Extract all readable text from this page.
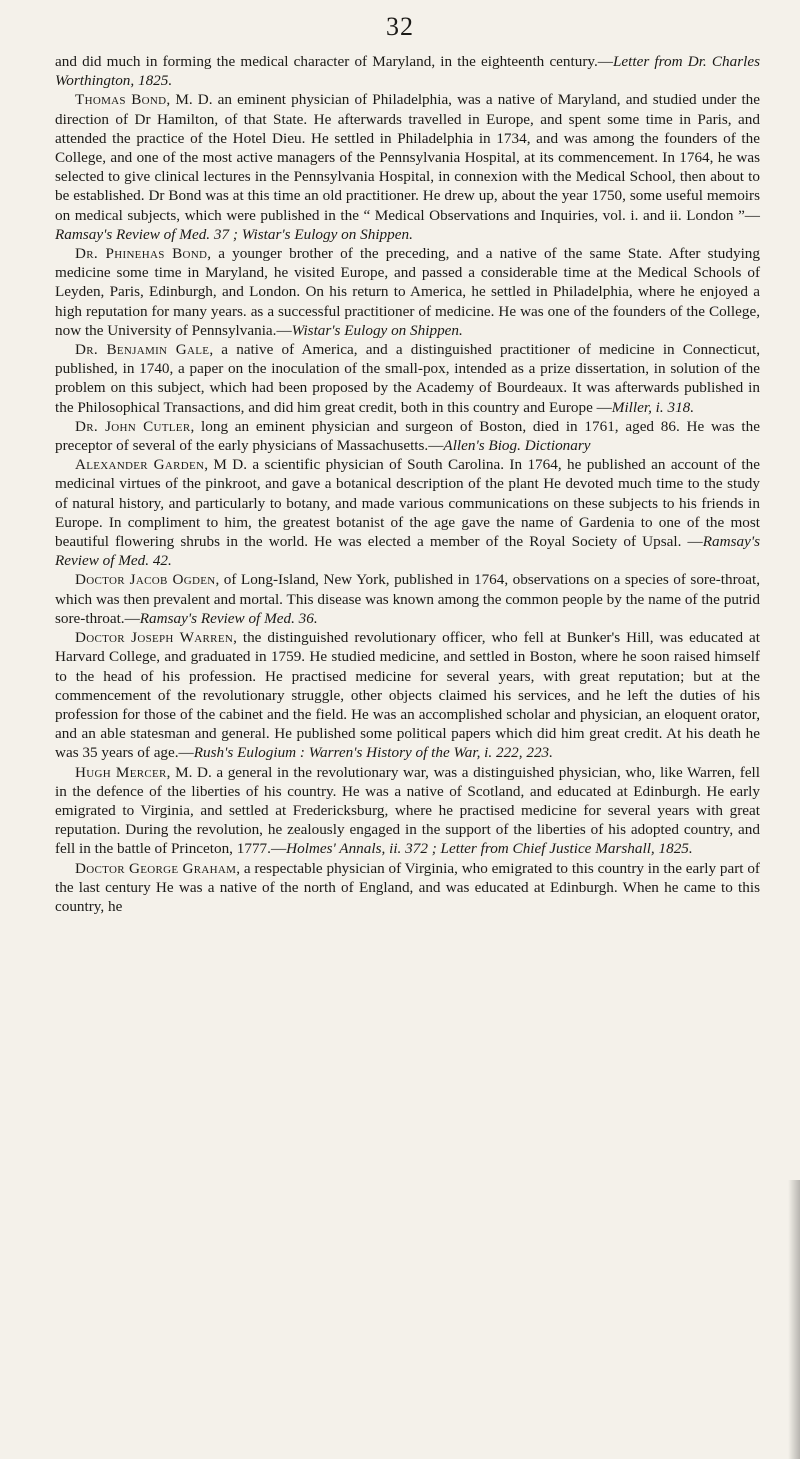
32

and did much in forming the medical character of Maryland, in the eighteenth century.—Letter from Dr. Charles Worthington, 1825.

Thomas Bond, M. D. an eminent physician of Philadelphia, was a native of Maryland, and studied under the direction of Dr Hamilton, of that State. He afterwards travelled in Europe, and spent some time in Paris, and attended the practice of the Hotel Dieu. He settled in Philadelphia in 1734, and was among the founders of the College, and one of the most active managers of the Pennsylvania Hospital, at its commencement. In 1764, he was selected to give clinical lectures in the Pennsylvania Hospital, in connexion with the Medical School, then about to be established. Dr Bond was at this time an old practitioner. He drew up, about the year 1750, some useful memoirs on medical subjects, which were published in the “ Medical Observations and Inquiries, vol. i. and ii. London ”—Ramsay's Review of Med. 37 ; Wistar's Eulogy on Shippen.

Dr. Phinehas Bond, a younger brother of the preceding, and a native of the same State. After studying medicine some time in Maryland, he visited Europe, and passed a considerable time at the Medical Schools of Leyden, Paris, Edinburgh, and London. On his return to America, he settled in Philadelphia, where he enjoyed a high reputation for many years. as a successful practitioner of medicine. He was one of the founders of the College, now the University of Pennsylvania.—Wistar's Eulogy on Shippen.

Dr. Benjamin Gale, a native of America, and a distinguished practitioner of medicine in Connecticut, published, in 1740, a paper on the inoculation of the small-pox, intended as a prize dissertation, in solution of the problem on this subject, which had been proposed by the Academy of Bourdeaux. It was afterwards published in the Philosophical Transactions, and did him great credit, both in this country and Europe —Miller, i. 318.

Dr. John Cutler, long an eminent physician and surgeon of Boston, died in 1761, aged 86. He was the preceptor of several of the early physicians of Massachusetts.—Allen's Biog. Dictionary

Alexander Garden, M D. a scientific physician of South Carolina. In 1764, he published an account of the medicinal virtues of the pinkroot, and gave a botanical description of the plant He devoted much time to the study of natural history, and particularly to botany, and made various communications on these subjects to his friends in Europe. In compliment to him, the greatest botanist of the age gave the name of Gardenia to one of the most beautiful flowering shrubs in the world. He was elected a member of the Royal Society of Upsal. —Ramsay's Review of Med. 42.

Doctor Jacob Ogden, of Long-Island, New York, published in 1764, observations on a species of sore-throat, which was then prevalent and mortal. This disease was known among the common people by the name of the putrid sore-throat.—Ramsay's Review of Med. 36.

Doctor Joseph Warren, the distinguished revolutionary officer, who fell at Bunker's Hill, was educated at Harvard College, and graduated in 1759. He studied medicine, and settled in Boston, where he soon raised himself to the head of his profession. He practised medicine for several years, with great reputation; but at the commencement of the revolutionary struggle, other objects claimed his services, and he left the duties of his profession for those of the cabinet and the field. He was an accomplished scholar and physician, an eloquent orator, and an able statesman and general. He published some political papers which did him great credit. At his death he was 35 years of age.—Rush's Eulogium : Warren's History of the War, i. 222, 223.

Hugh Mercer, M. D. a general in the revolutionary war, was a distinguished physician, who, like Warren, fell in the defence of the liberties of his country. He was a native of Scotland, and educated at Edinburgh. He early emigrated to Virginia, and settled at Fredericksburg, where he practised medicine for several years with great reputation. During the revolution, he zealously engaged in the support of the liberties of his adopted country, and fell in the battle of Princeton, 1777.—Holmes' Annals, ii. 372 ; Letter from Chief Justice Marshall, 1825.

Doctor George Graham, a respectable physician of Virginia, who emigrated to this country in the early part of the last century He was a native of the north of England, and was educated at Edinburgh. When he came to this country, he
